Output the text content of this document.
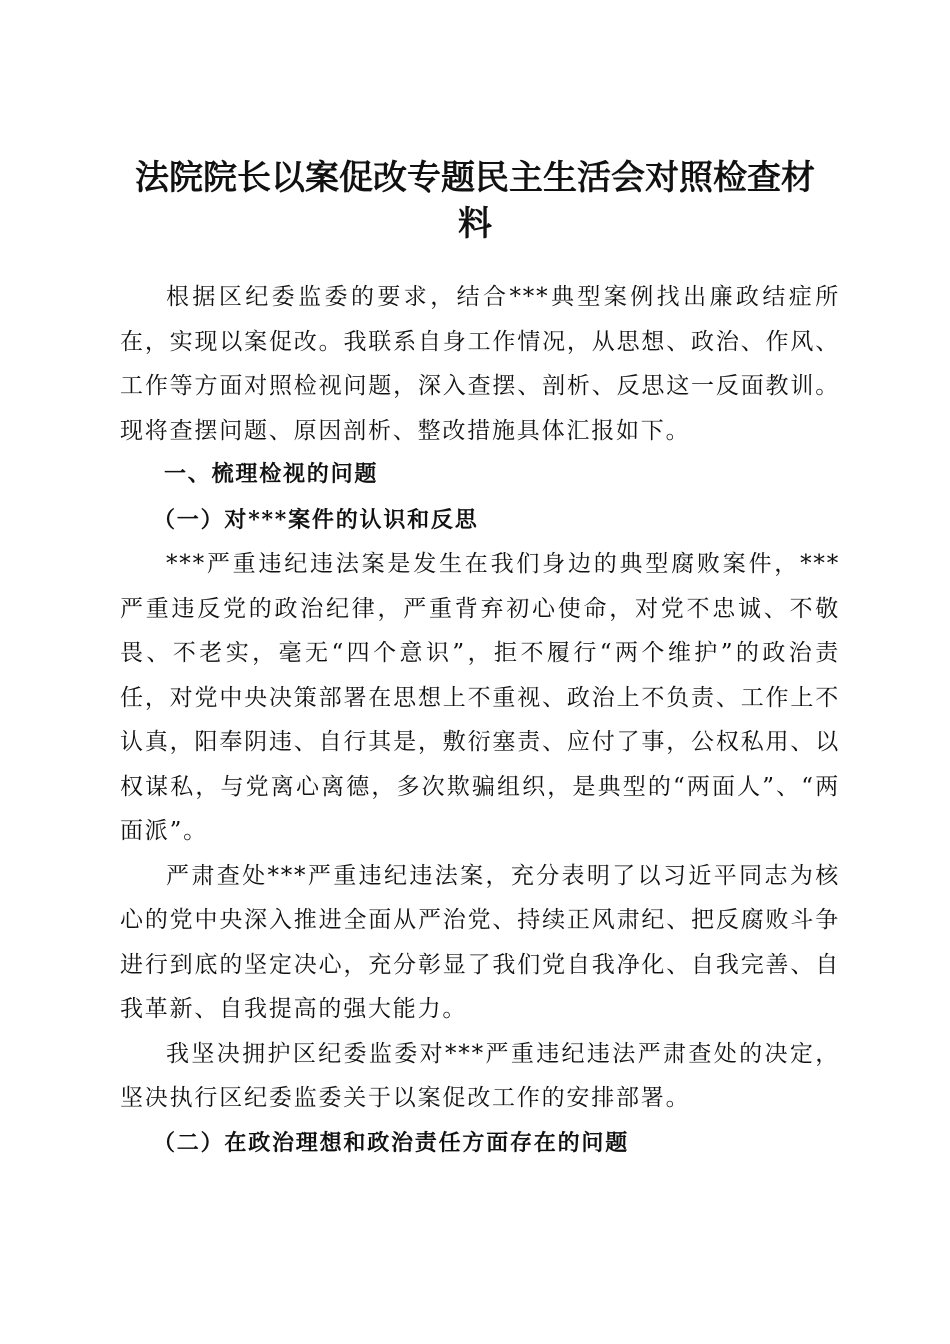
法院院长以案促改专题民主生活会对照检查材
料

根据区纪委监委的要求，结合***典型案例找出廉政结症所在，实现以案促改。我联系自身工作情况，从思想、政治、作风、工作等方面对照检视问题，深入查摆、剖析、反思这一反面教训。现将查摆问题、原因剖析、整改措施具体汇报如下。

一、梳理检视的问题

（一）对***案件的认识和反思

***严重违纪违法案是发生在我们身边的典型腐败案件，***严重违反党的政治纪律，严重背弃初心使命，对党不忠诚、不敬畏、不老实，毫无“四个意识”，拒不履行“两个维护”的政治责任，对党中央决策部署在思想上不重视、政治上不负责、工作上不认真，阳奉阴违、自行其是，敷衍塞责、应付了事，公权私用、以权谋私，与党离心离德，多次欺骗组织，是典型的“两面人”、“两面派”。

严肃查处***严重违纪违法案，充分表明了以习近平同志为核心的党中央深入推进全面从严治党、持续正风肃纪、把反腐败斗争进行到底的坚定决心，充分彰显了我们党自我净化、自我完善、自我革新、自我提高的强大能力。

我坚决拥护区纪委监委对***严重违纪违法严肃查处的决定，坚决执行区纪委监委关于以案促改工作的安排部署。

（二）在政治理想和政治责任方面存在的问题
